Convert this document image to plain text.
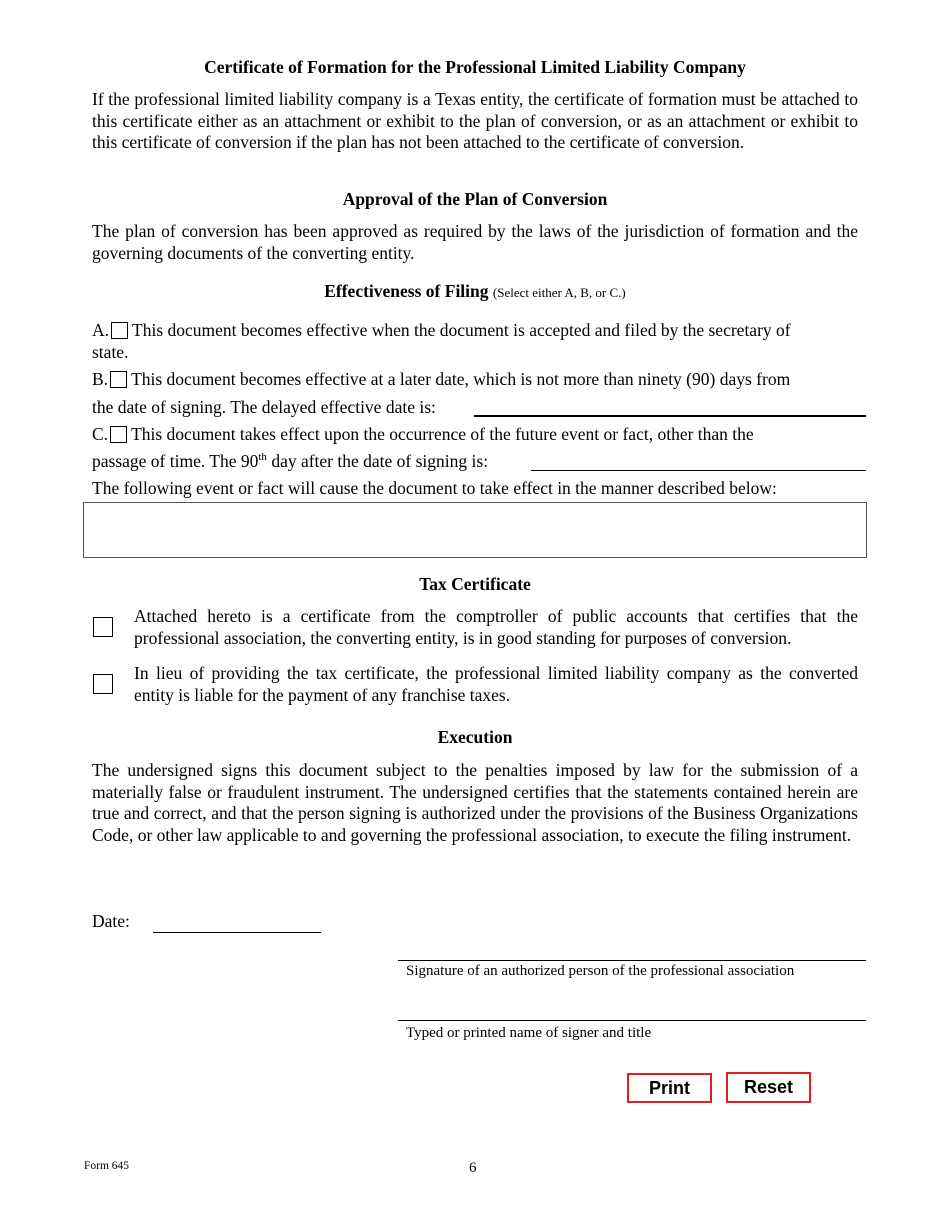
Certificate of Formation for the Professional Limited Liability Company
If the professional limited liability company is a Texas entity, the certificate of formation must be attached to this certificate either as an attachment or exhibit to the plan of conversion, or as an attachment or exhibit to this certificate of conversion if the plan has not been attached to the certificate of conversion.
Approval of the Plan of Conversion
The plan of conversion has been approved as required by the laws of the jurisdiction of formation and the governing documents of the converting entity.
Effectiveness of Filing (Select either A, B, or C.)
A. This document becomes effective when the document is accepted and filed by the secretary of
state.
B. This document becomes effective at a later date, which is not more than ninety (90) days from
the date of signing. The delayed effective date is:
C. This document takes effect upon the occurrence of the future event or fact, other than the
passage of time. The 90th day after the date of signing is:
The following event or fact will cause the document to take effect in the manner described below:
Tax Certificate
Attached hereto is a certificate from the comptroller of public accounts that certifies that the professional association, the converting entity, is in good standing for purposes of conversion.
In lieu of providing the tax certificate, the professional limited liability company as the converted entity is liable for the payment of any franchise taxes.
Execution
The undersigned signs this document subject to the penalties imposed by law for the submission of a materially false or fraudulent instrument. The undersigned certifies that the statements contained herein are true and correct, and that the person signing is authorized under the provisions of the Business Organizations Code, or other law applicable to and governing the professional association, to execute the filing instrument.
Date:
Signature of an authorized person of the professional association
Typed or printed name of signer and title
Print	Reset
Form 645	6
